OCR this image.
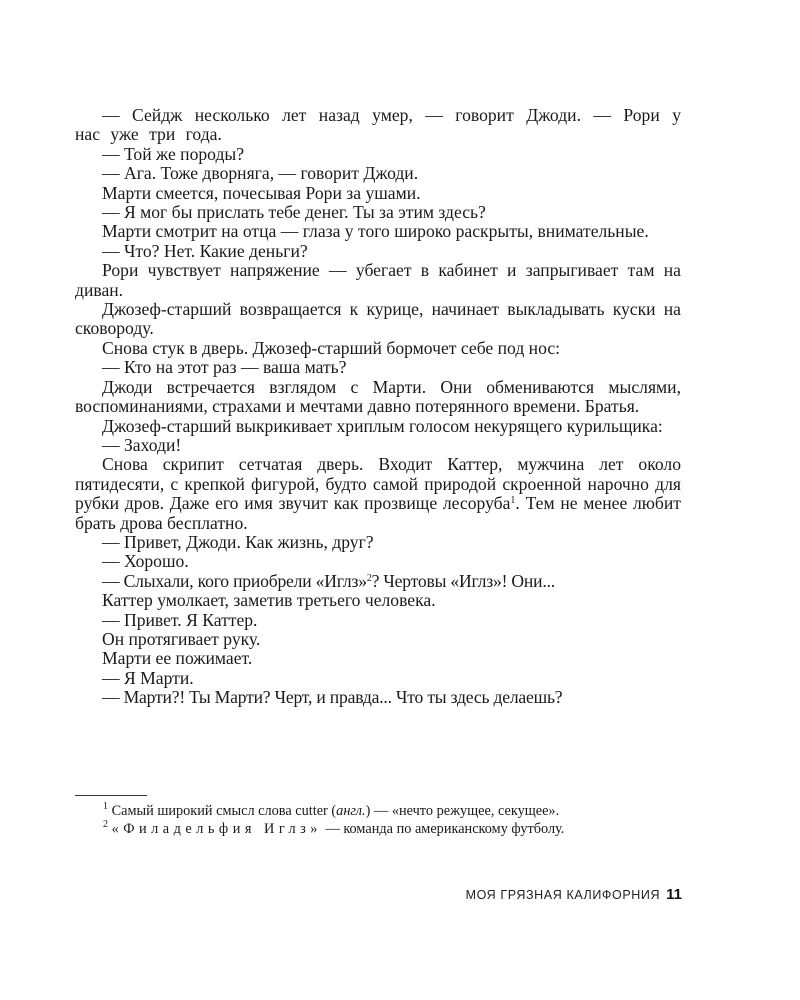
— Сейдж несколько лет назад умер, — говорит Джоди. — Рори у нас уже три года.

— Той же породы?

— Ага. Тоже дворняга, — говорит Джоди.

Марти смеется, почесывая Рори за ушами.

— Я мог бы прислать тебе денег. Ты за этим здесь?

Марти смотрит на отца — глаза у того широко раскрыты, внимательные.

— Что? Нет. Какие деньги?

Рори чувствует напряжение — убегает в кабинет и запрыгивает там на диван.

Джозеф-старший возвращается к курице, начинает выкладывать куски на сковороду.

Снова стук в дверь. Джозеф-старший бормочет себе под нос:

— Кто на этот раз — ваша мать?

Джоди встречается взглядом с Марти. Они обмениваются мыслями, воспоминаниями, страхами и мечтами давно потерянного времени. Братья.

Джозеф-старший выкрикивает хриплым голосом некурящего курильщика:

— Заходи!

Снова скрипит сетчатая дверь. Входит Каттер, мужчина лет около пятидесяти, с крепкой фигурой, будто самой природой скроенной нарочно для рубки дров. Даже его имя звучит как прозвище лесоруба$^1$. Тем не менее любит брать дрова бесплатно.

— Привет, Джоди. Как жизнь, друг?

— Хорошо.

— Слыхали, кого приобрели «Иглз»$^2$? Чертовы «Иглз»! Они...

Каттер умолкает, заметив третьего человека.

— Привет. Я Каттер.

Он протягивает руку.

Марти ее пожимает.

— Я Марти.

— Марти?! Ты Марти? Черт, и правда... Что ты здесь делаешь?

$^1$ Самый широкий смысл слова cutter (англ.) — «нечто режущее, секущее».

$^2$ «Филадельфия Иглз» — команда по американскому футболу.

МОЯ ГРЯЗНАЯ КАЛИФОРНИЯ 11
